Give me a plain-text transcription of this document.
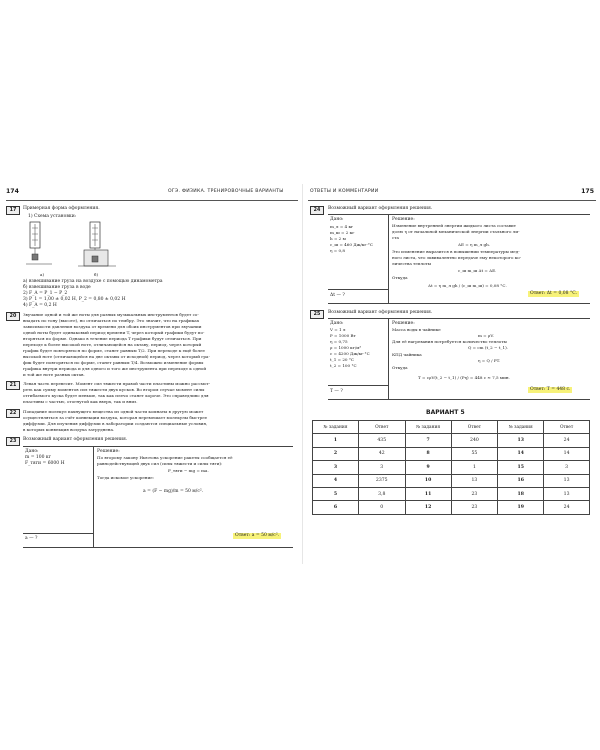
174	ОГЭ. ФИЗИКА. ТРЕНИРОВОЧНЫЕ ВАРИАНТЫ
17	Примерная форма оформления.
1) Схема установки:
а)	б)
а) взвешивание груза на воздухе с помощью динамометра
б) взвешивание груза в воде
2) F_A = P_1 − P_2
3) P_1 = 1,00 ± 0,02 Н, P_2 = 0,80 ± 0,02 Н
4) F_A = 0,2 Н
20	Звучание одной и той же ноты для разных музыкальных инструментов будет со-
впадать по тону (высоте), но отличаться по тембру. Это значит, что на графиках
зависимости давления воздуха от времени для обоих инструментов при звучании
одной ноты будет одинаковый период времени T, через который графики будут по-
вторяться по форме. Однако в течение периода T графики будут отличаться. При
переходе к более высокой ноте, отличающейся на октаву, период, через который
график будет повторяться по форме, станет равным T/2. При переходе к ещё более
высокой ноте (отличающейся на две октавы от исходной) период, через который гра-
фик будет повторяться по форме, станет равным T/4. Возможно изменение формы
графика внутри периода и для одного и того же инструмента при переходе к одной
и той же ноте разных октав.
21	Левая часть перевесит. Момент сил тяжести правой части пластины можно рассмот-
реть как сумму моментов сил тяжести двух кусков. Во втором случае момент силы
отгибаемого куска будет меньше, так как плечо станет короче. Это справедливо для
пластины с частью, отогнутой как вверх, так и вниз.
22	Попадание молекул пахнущего вещества из одной части комнаты в другую может
осуществляться за счёт конвекции воздуха, которая перемешает молекулы быстрее
диффузии. Для изучения диффузии в лаборатории создаются специальные условия,
в которых конвекция воздуха затруднена.
23	Возможный вариант оформления решения.
Дано:
m = 100 кг
F_тяги = 6000 Н
a — ?
Решение:
По второму закону Ньютона ускорение ракеты сообщается её
равнодействующей двух сил (силы тяжести и силы тяги):
F_тяги − mg = ma.
Тогда искомое ускорение:
a = (F − mg)/m = 50 м/с².
Ответ: a = 50 м/с².
ОТВЕТЫ И КОММЕНТАРИИ	175
24	Возможный вариант оформления решения.
Дано:
m_л = 4 кг
m_ш = 2 кг
h = 2 м
c_ш = 460 Дж/кг·°С
η = 0,8
Δt — ?
Решение:
Изменение внутренней энергии жидкого листа составит
долю η от начальной механической энергии стального ли-
ста
ΔE = η m_л gh.
Это изменение выразится в повышении температуры мед-
ного листа, что эквивалентно передаче ему некоторого ко-
личества теплоты
c_ш m_ш Δt = ΔE.
Откуда
Δt = η m_л gh / (c_ш m_ш) = 0,08 °С.
Ответ: Δt = 0,08 °С.
25	Возможный вариант оформления решения.
Дано:
V = 1 л
P = 1000 Вт
η = 0,75
ρ = 1000 кг/м³
c = 4200 Дж/кг·°С
t_1 = 20 °С
t_2 = 100 °С
T — ?
Решение:
Масса воды в чайнике
m = ρV.
Для её нагревания потребуется количество теплоты
Q = cm (t_2 − t_1).
КПД чайника
η = Q / PT.
Откуда
T = cρV(t_2 − t_1) / (Pη) = 448 с ≈ 7,5 мин.
Ответ: T = 448 с.
ВАРИАНТ 5
№ задания	Ответ	№ задания	Ответ	№ задания	Ответ
1	435	7	240	13	24
2	42	8	55	14	14
3	3	9	1	15	3
4	2375	10	13	16	13
5	3,8	11	23	18	13
6	0	12	23	19	24
